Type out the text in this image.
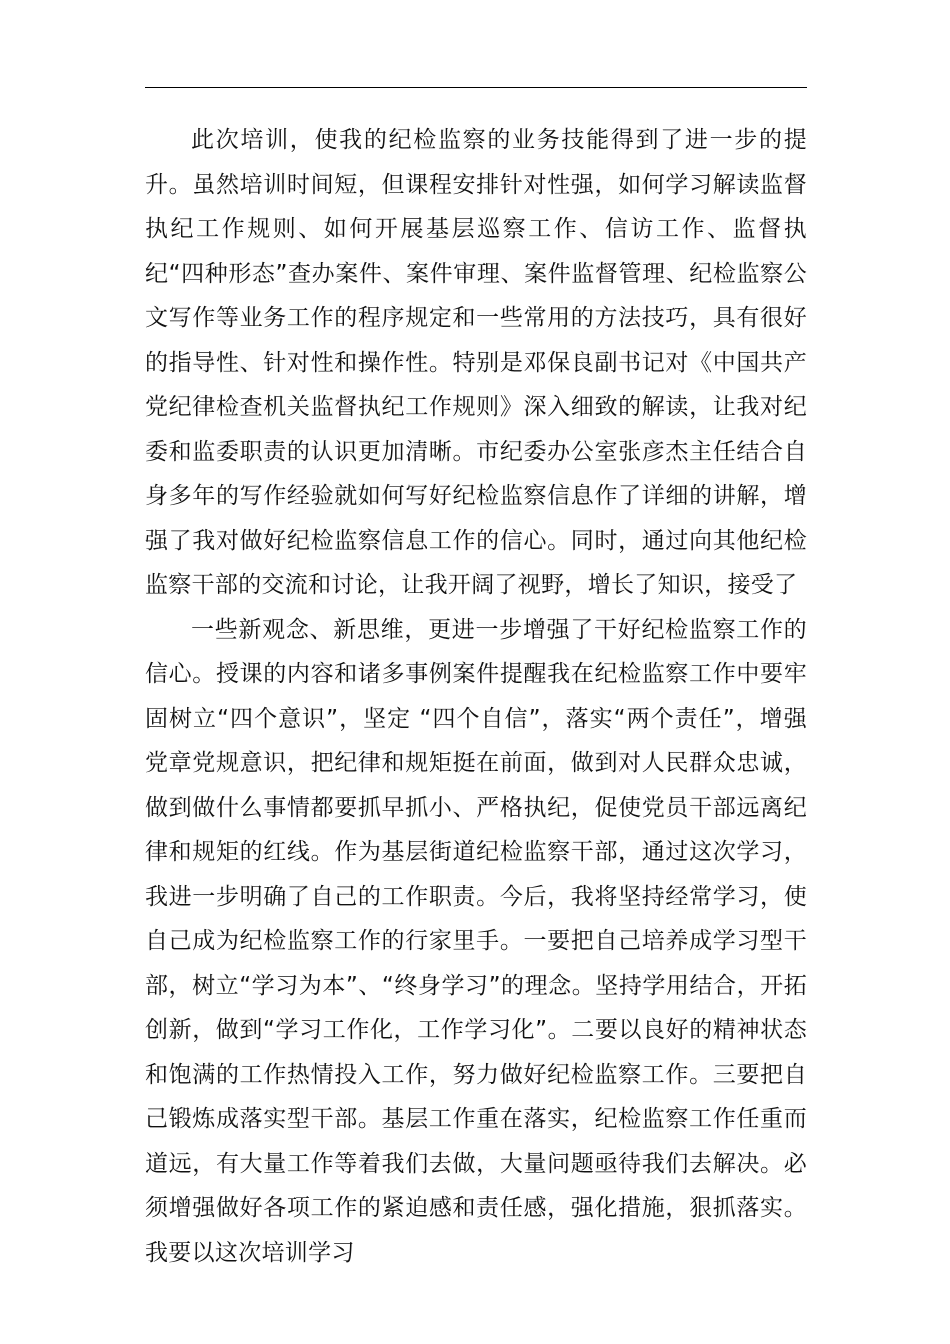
此次培训，使我的纪检监察的业务技能得到了进一步的提升。虽然培训时间短，但课程安排针对性强，如何学习解读监督执纪工作规则、如何开展基层巡察工作、信访工作、监督执纪“四种形态”查办案件、案件审理、案件监督管理、纪检监察公文写作等业务工作的程序规定和一些常用的方法技巧，具有很好的指导性、针对性和操作性。特别是邓保良副书记对《中国共产党纪律检查机关监督执纪工作规则》深入细致的解读，让我对纪委和监委职责的认识更加清晰。市纪委办公室张彦杰主任结合自身多年的写作经验就如何写好纪检监察信息作了详细的讲解，增强了我对做好纪检监察信息工作的信心。同时，通过向其他纪检监察干部的交流和讨论，让我开阔了视野，增长了知识，接受了

一些新观念、新思维，更进一步增强了干好纪检监察工作的信心。授课的内容和诸多事例案件提醒我在纪检监察工作中要牢固树立“四个意识”，坚定 “四个自信”，落实“两个责任”，增强党章党规意识，把纪律和规矩挺在前面，做到对人民群众忠诚，做到做什么事情都要抓早抓小、严格执纪，促使党员干部远离纪律和规矩的红线。作为基层街道纪检监察干部，通过这次学习，我进一步明确了自己的工作职责。今后，我将坚持经常学习，使自己成为纪检监察工作的行家里手。一要把自己培养成学习型干部，树立“学习为本”、“终身学习”的理念。坚持学用结合，开拓创新，做到“学习工作化，工作学习化”。二要以良好的精神状态和饱满的工作热情投入工作，努力做好纪检监察工作。三要把自己锻炼成落实型干部。基层工作重在落实，纪检监察工作任重而道远，有大量工作等着我们去做，大量问题亟待我们去解决。必须增强做好各项工作的紧迫感和责任感，强化措施，狠抓落实。我要以这次培训学习
